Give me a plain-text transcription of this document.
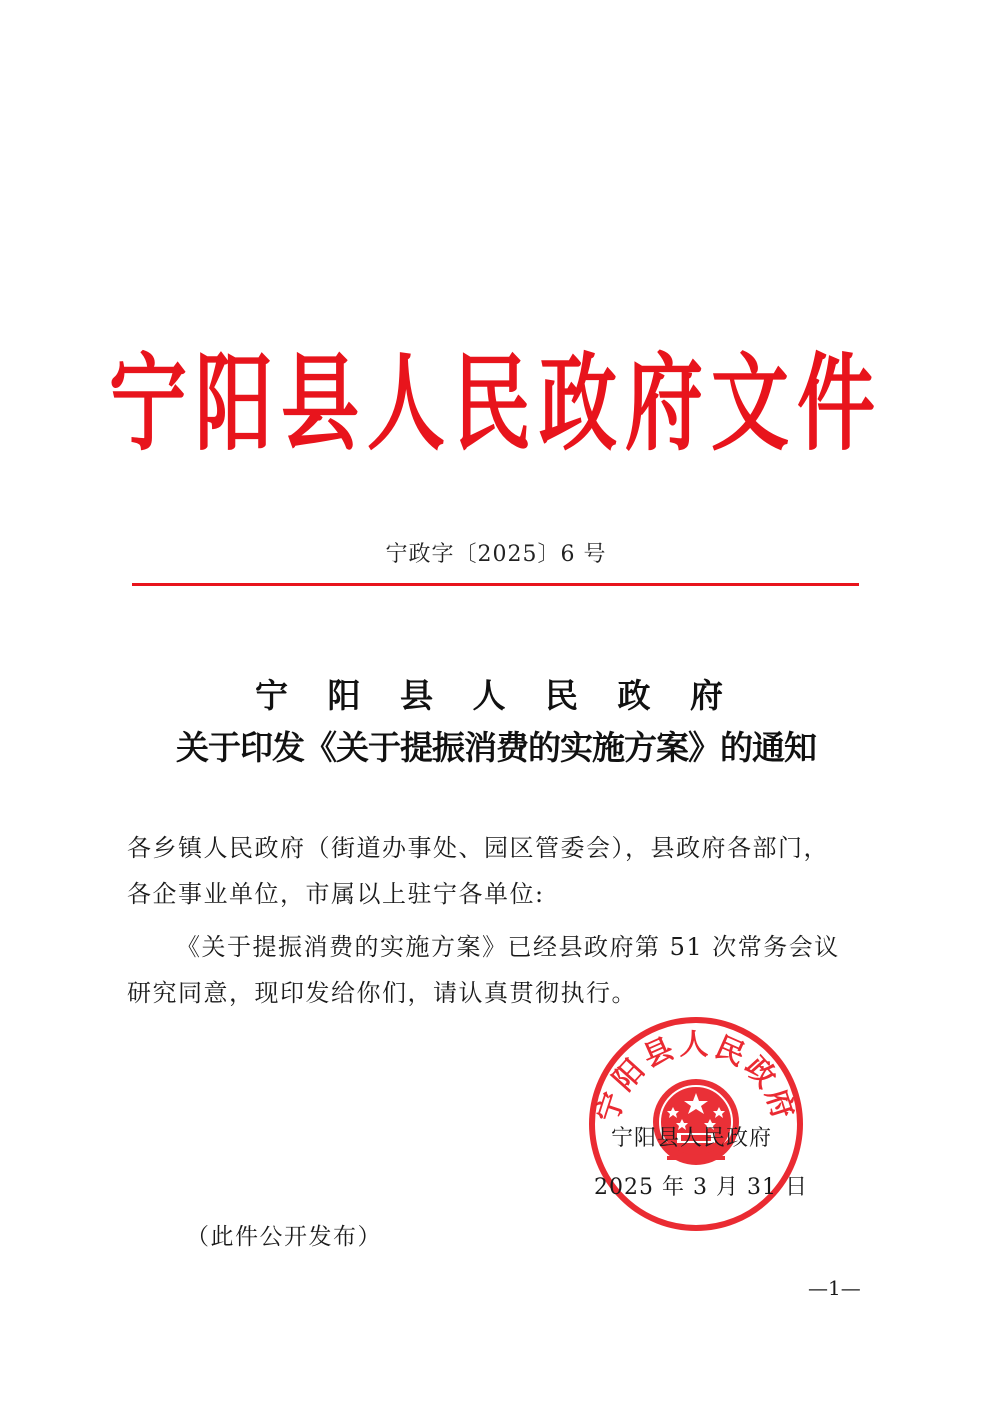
宁阳县人民政府文件
宁政字〔2025〕6 号
宁 阳 县 人 民 政 府
关于印发《关于提振消费的实施方案》的通知
各乡镇人民政府（街道办事处、园区管委会），县政府各部门，
各企事业单位，市属以上驻宁各单位:
《关于提振消费的实施方案》已经县政府第 51 次常务会议
研究同意，现印发给你们，请认真贯彻执行。
宁阳县人民政府
宁阳县人民政府
2025 年 3 月 31 日
（此件公开发布）
—1—
